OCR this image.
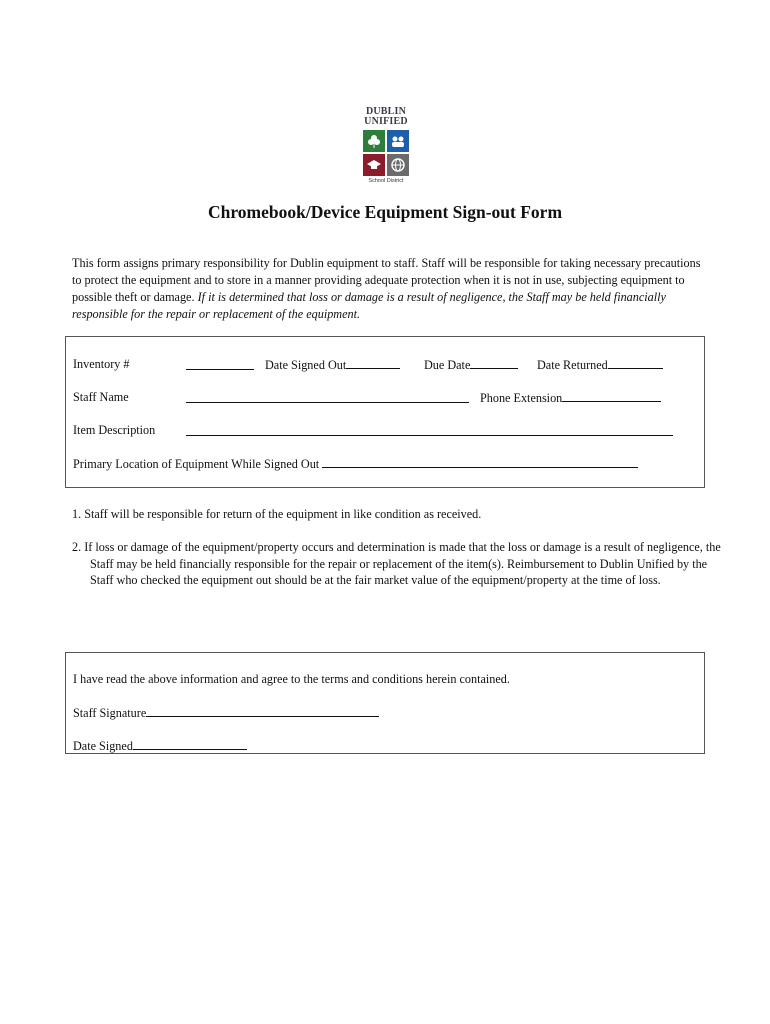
DUBLIN
UNIFIED
School District
Chromebook/Device Equipment Sign-out Form

This form assigns primary responsibility for Dublin equipment to staff. Staff will be responsible for taking necessary precautions to protect the equipment and to store in a manner providing adequate protection when it is not in use, subjecting equipment to possible theft or damage. If it is determined that loss or damage is a result of negligence, the Staff may be held financially responsible for the repair or replacement of the equipment.

Inventory #	Date Signed Out	Due Date	Date Returned
Staff Name	Phone Extension
Item Description
Primary Location of Equipment While Signed Out

1. Staff will be responsible for return of the equipment in like condition as received.

2. If loss or damage of the equipment/property occurs and determination is made that the loss or damage is a result of negligence, the Staff may be held financially responsible for the repair or replacement of the item(s). Reimbursement to Dublin Unified by the Staff who checked the equipment out should be at the fair market value of the equipment/property at the time of loss.

I have read the above information and agree to the terms and conditions herein contained.
Staff Signature
Date Signed
